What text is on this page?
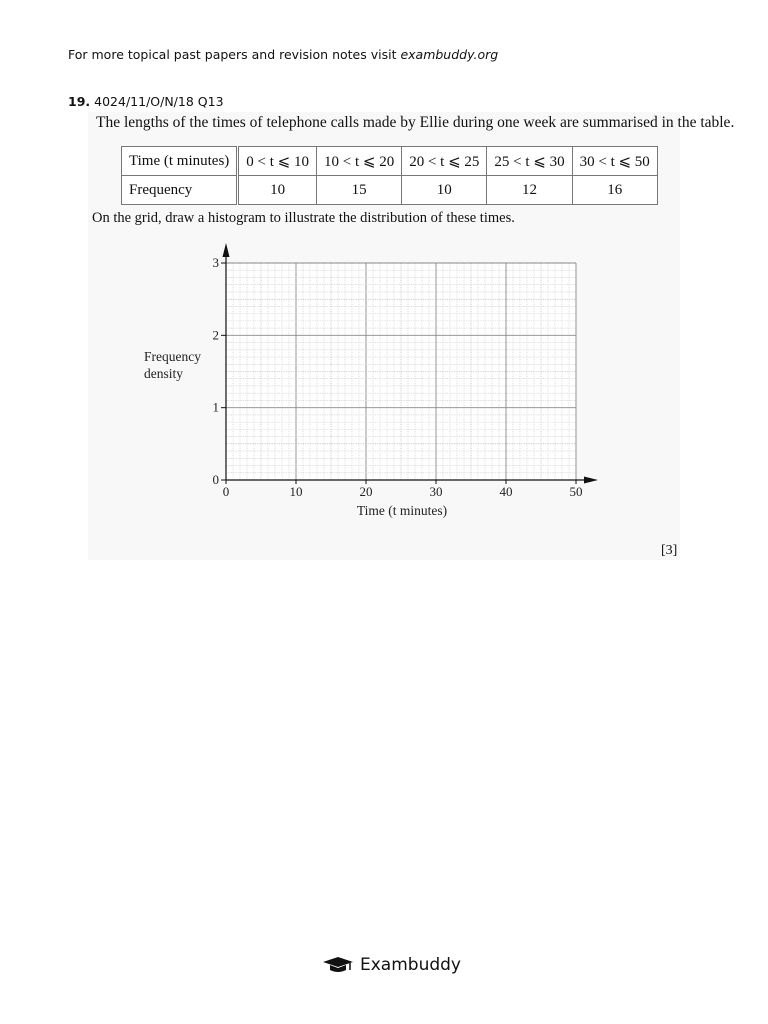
For more topical past papers and revision notes visit exambuddy.org
19. 4024/11/O/N/18 Q13
The lengths of the times of telephone calls made by Ellie during one week are summarised in the table.
Time (t minutes)	0 < t ⩽ 10	10 < t ⩽ 20	20 < t ⩽ 25	25 < t ⩽ 30	30 < t ⩽ 50
Frequency	10	15	10	12	16
On the grid, draw a histogram to illustrate the distribution of these times.
Frequency
density
Time (t minutes)
0	10	20	30	40	50
0
1
2
3
[3]
Exambuddy
